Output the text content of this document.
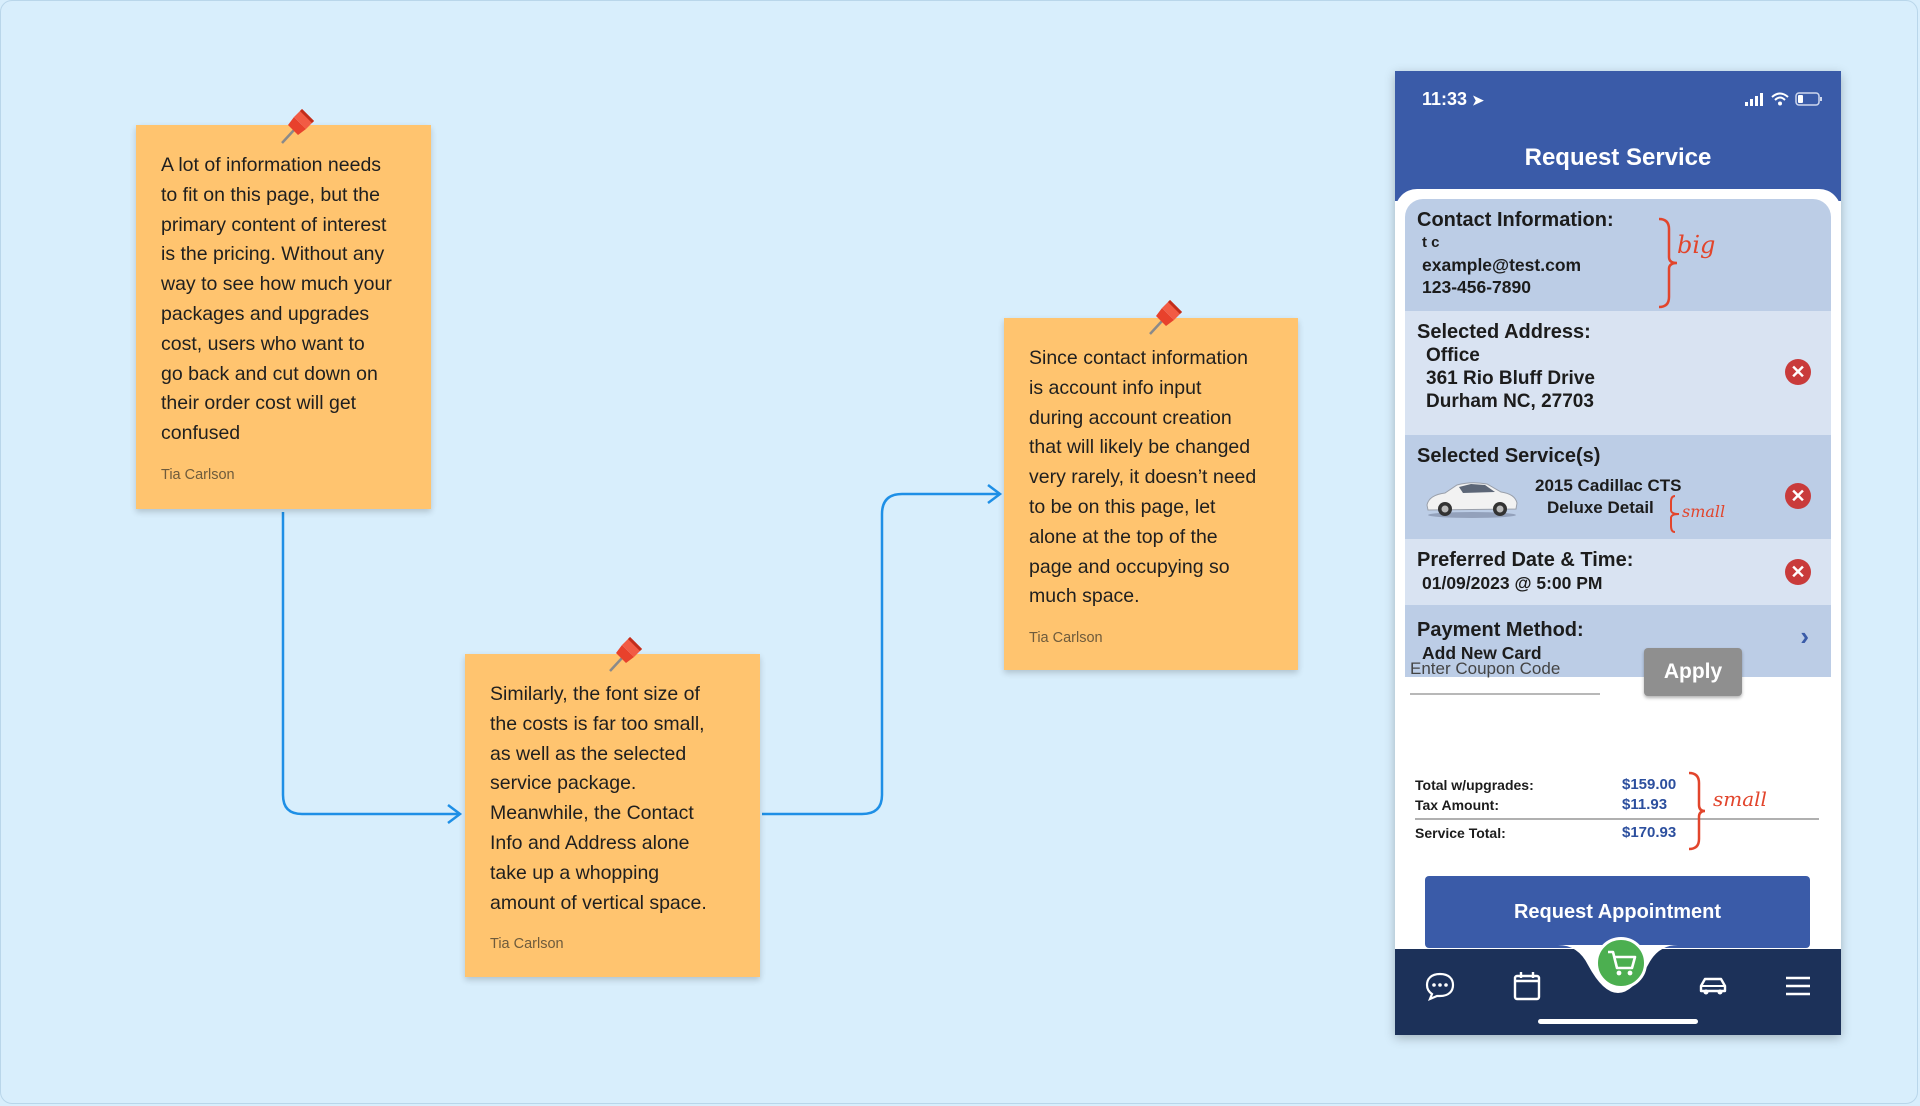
A lot of information needs
to fit on this page, but the
primary content of interest
is the pricing. Without any
way to see how much your
packages and upgrades
cost, users who want to
go back and cut down on
their order cost will get
confused
Tia Carlson
Similarly, the font size of
the costs is far too small,
as well as the selected
service package.
Meanwhile, the Contact
Info and Address alone
take up a whopping
amount of vertical space.
Tia Carlson
Since contact information
is account info input
during account creation
that will likely be changed
very rarely, it doesn’t need
to be on this page, let
alone at the top of the
page and occupying so
much space.
Tia Carlson
11:33 ➤
Request Service
Contact Information:
t c
example@test.com
123-456-7890
big
Selected Address:
Office
361 Rio Bluff Drive
Durham NC, 27703
✕
Selected Service(s)
2015 Cadillac CTS
Deluxe Detail
✕
small
Preferred Date & Time:
01/09/2023 @ 5:00 PM
✕
Payment Method:
Add New Card
›
Enter Coupon Code
Apply
Total w/upgrades:	$159.00
Tax Amount:	$11.93
Service Total:	$170.93
small
Request Appointment
